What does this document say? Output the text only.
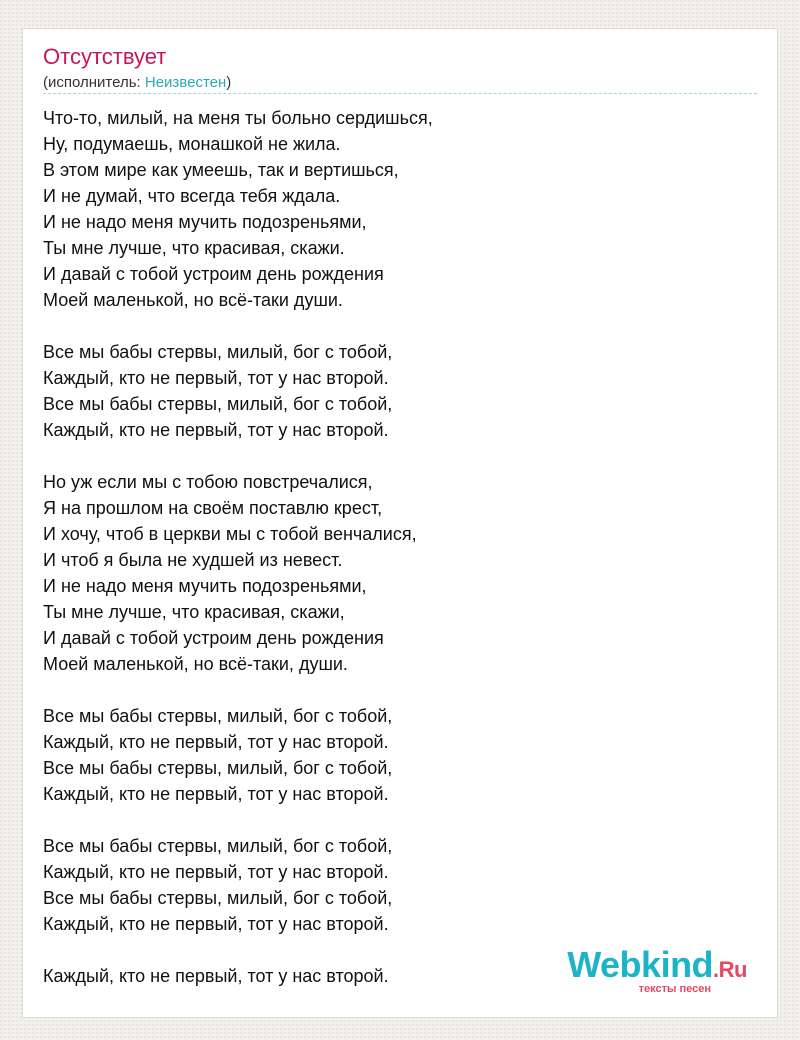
Отсутствует
(исполнитель: Неизвестен)
Что-то, милый, на меня ты больно сердишься,
Ну, подумаешь, монашкой не жила.
В этом мире как умеешь, так и вертишься,
И не думай, что всегда тебя ждала.
И не надо меня мучить подозреньями,
Ты мне лучше, что красивая, скажи.
И давай с тобой устроим день рождения
Моей маленькой, но всё-таки души.
Все мы бабы стервы, милый, бог с тобой,
Каждый, кто не первый, тот у нас второй.
Все мы бабы стервы, милый, бог с тобой,
Каждый, кто не первый, тот у нас второй.
Но уж если мы с тобою повстречалися,
Я на прошлом на своём поставлю крест,
И хочу, чтоб в церкви мы с тобой венчалися,
И чтоб я была не худшей из невест.
И не надо меня мучить подозреньями,
Ты мне лучше, что красивая, скажи,
И давай с тобой устроим день рождения
Моей маленькой, но всё-таки, души.
Все мы бабы стервы, милый, бог с тобой,
Каждый, кто не первый, тот у нас второй.
Все мы бабы стервы, милый, бог с тобой,
Каждый, кто не первый, тот у нас второй.
Все мы бабы стервы, милый, бог с тобой,
Каждый, кто не первый, тот у нас второй.
Все мы бабы стервы, милый, бог с тобой,
Каждый, кто не первый, тот у нас второй.
Каждый, кто не первый, тот у нас второй.	Webkind.Ru
тексты песен
